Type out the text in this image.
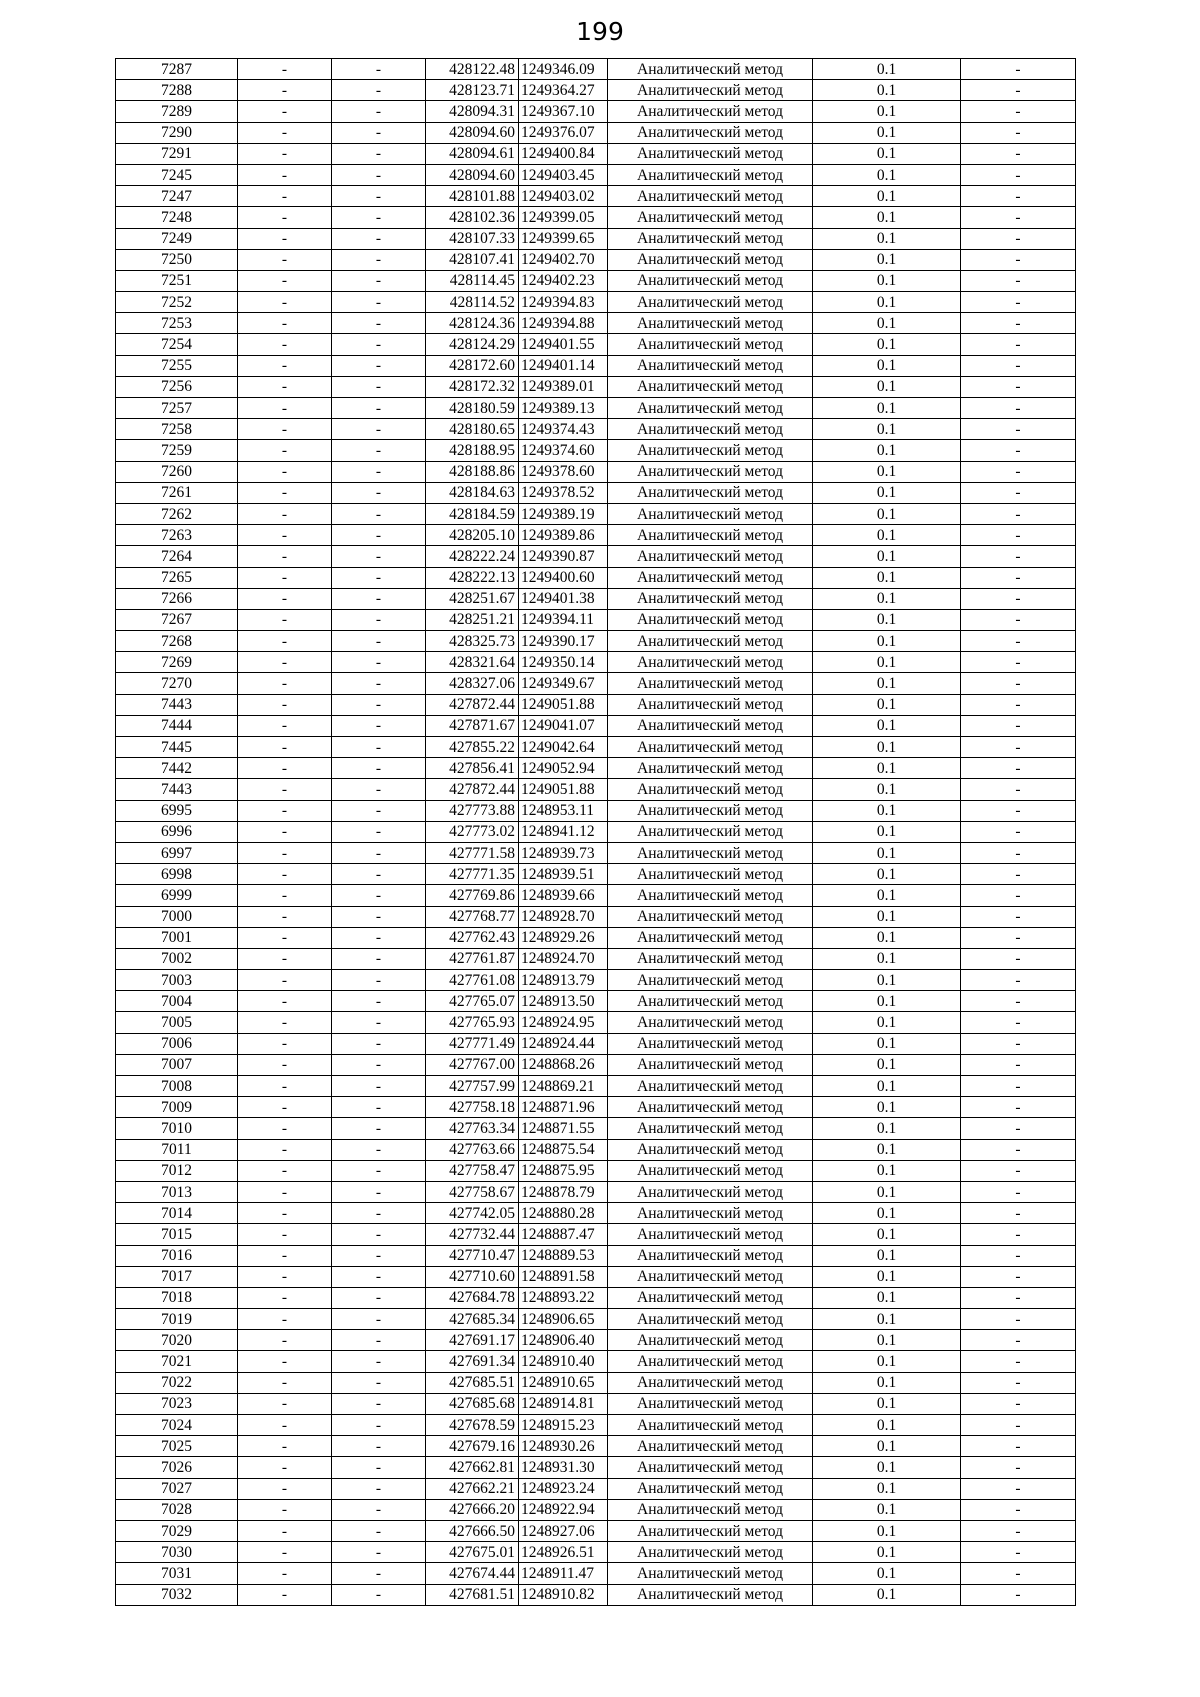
199
7287	-	-	428122.48	1249346.09	Аналитический метод	0.1	-
7288	-	-	428123.71	1249364.27	Аналитический метод	0.1	-
7289	-	-	428094.31	1249367.10	Аналитический метод	0.1	-
7290	-	-	428094.60	1249376.07	Аналитический метод	0.1	-
7291	-	-	428094.61	1249400.84	Аналитический метод	0.1	-
7245	-	-	428094.60	1249403.45	Аналитический метод	0.1	-
7247	-	-	428101.88	1249403.02	Аналитический метод	0.1	-
7248	-	-	428102.36	1249399.05	Аналитический метод	0.1	-
7249	-	-	428107.33	1249399.65	Аналитический метод	0.1	-
7250	-	-	428107.41	1249402.70	Аналитический метод	0.1	-
7251	-	-	428114.45	1249402.23	Аналитический метод	0.1	-
7252	-	-	428114.52	1249394.83	Аналитический метод	0.1	-
7253	-	-	428124.36	1249394.88	Аналитический метод	0.1	-
7254	-	-	428124.29	1249401.55	Аналитический метод	0.1	-
7255	-	-	428172.60	1249401.14	Аналитический метод	0.1	-
7256	-	-	428172.32	1249389.01	Аналитический метод	0.1	-
7257	-	-	428180.59	1249389.13	Аналитический метод	0.1	-
7258	-	-	428180.65	1249374.43	Аналитический метод	0.1	-
7259	-	-	428188.95	1249374.60	Аналитический метод	0.1	-
7260	-	-	428188.86	1249378.60	Аналитический метод	0.1	-
7261	-	-	428184.63	1249378.52	Аналитический метод	0.1	-
7262	-	-	428184.59	1249389.19	Аналитический метод	0.1	-
7263	-	-	428205.10	1249389.86	Аналитический метод	0.1	-
7264	-	-	428222.24	1249390.87	Аналитический метод	0.1	-
7265	-	-	428222.13	1249400.60	Аналитический метод	0.1	-
7266	-	-	428251.67	1249401.38	Аналитический метод	0.1	-
7267	-	-	428251.21	1249394.11	Аналитический метод	0.1	-
7268	-	-	428325.73	1249390.17	Аналитический метод	0.1	-
7269	-	-	428321.64	1249350.14	Аналитический метод	0.1	-
7270	-	-	428327.06	1249349.67	Аналитический метод	0.1	-
7443	-	-	427872.44	1249051.88	Аналитический метод	0.1	-
7444	-	-	427871.67	1249041.07	Аналитический метод	0.1	-
7445	-	-	427855.22	1249042.64	Аналитический метод	0.1	-
7442	-	-	427856.41	1249052.94	Аналитический метод	0.1	-
7443	-	-	427872.44	1249051.88	Аналитический метод	0.1	-
6995	-	-	427773.88	1248953.11	Аналитический метод	0.1	-
6996	-	-	427773.02	1248941.12	Аналитический метод	0.1	-
6997	-	-	427771.58	1248939.73	Аналитический метод	0.1	-
6998	-	-	427771.35	1248939.51	Аналитический метод	0.1	-
6999	-	-	427769.86	1248939.66	Аналитический метод	0.1	-
7000	-	-	427768.77	1248928.70	Аналитический метод	0.1	-
7001	-	-	427762.43	1248929.26	Аналитический метод	0.1	-
7002	-	-	427761.87	1248924.70	Аналитический метод	0.1	-
7003	-	-	427761.08	1248913.79	Аналитический метод	0.1	-
7004	-	-	427765.07	1248913.50	Аналитический метод	0.1	-
7005	-	-	427765.93	1248924.95	Аналитический метод	0.1	-
7006	-	-	427771.49	1248924.44	Аналитический метод	0.1	-
7007	-	-	427767.00	1248868.26	Аналитический метод	0.1	-
7008	-	-	427757.99	1248869.21	Аналитический метод	0.1	-
7009	-	-	427758.18	1248871.96	Аналитический метод	0.1	-
7010	-	-	427763.34	1248871.55	Аналитический метод	0.1	-
7011	-	-	427763.66	1248875.54	Аналитический метод	0.1	-
7012	-	-	427758.47	1248875.95	Аналитический метод	0.1	-
7013	-	-	427758.67	1248878.79	Аналитический метод	0.1	-
7014	-	-	427742.05	1248880.28	Аналитический метод	0.1	-
7015	-	-	427732.44	1248887.47	Аналитический метод	0.1	-
7016	-	-	427710.47	1248889.53	Аналитический метод	0.1	-
7017	-	-	427710.60	1248891.58	Аналитический метод	0.1	-
7018	-	-	427684.78	1248893.22	Аналитический метод	0.1	-
7019	-	-	427685.34	1248906.65	Аналитический метод	0.1	-
7020	-	-	427691.17	1248906.40	Аналитический метод	0.1	-
7021	-	-	427691.34	1248910.40	Аналитический метод	0.1	-
7022	-	-	427685.51	1248910.65	Аналитический метод	0.1	-
7023	-	-	427685.68	1248914.81	Аналитический метод	0.1	-
7024	-	-	427678.59	1248915.23	Аналитический метод	0.1	-
7025	-	-	427679.16	1248930.26	Аналитический метод	0.1	-
7026	-	-	427662.81	1248931.30	Аналитический метод	0.1	-
7027	-	-	427662.21	1248923.24	Аналитический метод	0.1	-
7028	-	-	427666.20	1248922.94	Аналитический метод	0.1	-
7029	-	-	427666.50	1248927.06	Аналитический метод	0.1	-
7030	-	-	427675.01	1248926.51	Аналитический метод	0.1	-
7031	-	-	427674.44	1248911.47	Аналитический метод	0.1	-
7032	-	-	427681.51	1248910.82	Аналитический метод	0.1	-
